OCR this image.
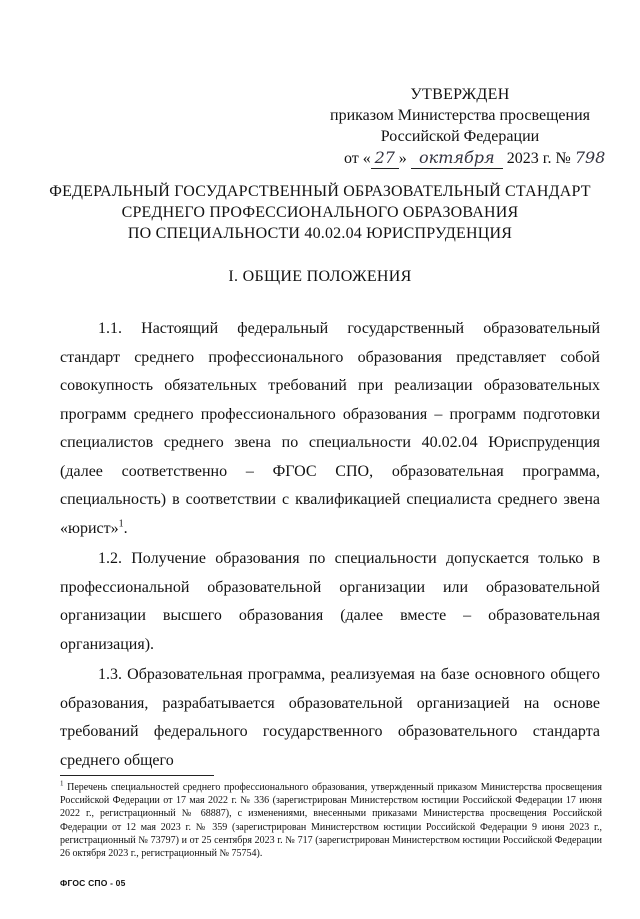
УТВЕРЖДЕН
приказом Министерства просвещения
Российской Федерации
от « 27 » октября 2023 г. № 798
ФЕДЕРАЛЬНЫЙ ГОСУДАРСТВЕННЫЙ ОБРАЗОВАТЕЛЬНЫЙ СТАНДАРТ
СРЕДНЕГО ПРОФЕССИОНАЛЬНОГО ОБРАЗОВАНИЯ
ПО СПЕЦИАЛЬНОСТИ 40.02.04 ЮРИСПРУДЕНЦИЯ
I. ОБЩИЕ ПОЛОЖЕНИЯ

1.1. Настоящий федеральный государственный образовательный стандарт среднего профессионального образования представляет собой совокупность обязательных требований при реализации образовательных программ среднего профессионального образования – программ подготовки специалистов среднего звена по специальности 40.02.04 Юриспруденция (далее соответственно – ФГОС СПО, образовательная программа, специальность) в соответствии с квалификацией специалиста среднего звена «юрист»$^1$.

1.2. Получение образования по специальности допускается только в профессиональной образовательной организации или образовательной организации высшего образования (далее вместе – образовательная организация).

1.3. Образовательная программа, реализуемая на базе основного общего образования, разрабатывается образовательной организацией на основе требований федерального государственного образовательного стандарта среднего общего

$^1$ Перечень специальностей среднего профессионального образования, утвержденный приказом Министерства просвещения Российской Федерации от 17 мая 2022 г. № 336 (зарегистрирован Министерством юстиции Российской Федерации 17 июня 2022 г., регистрационный № 68887), с изменениями, внесенными приказами Министерства просвещения Российской Федерации от 12 мая 2023 г. № 359 (зарегистрирован Министерством юстиции Российской Федерации 9 июня 2023 г., регистрационный № 73797) и от 25 сентября 2023 г. № 717 (зарегистрирован Министерством юстиции Российской Федерации 26 октября 2023 г., регистрационный № 75754).
ФГОС СПО - 05
